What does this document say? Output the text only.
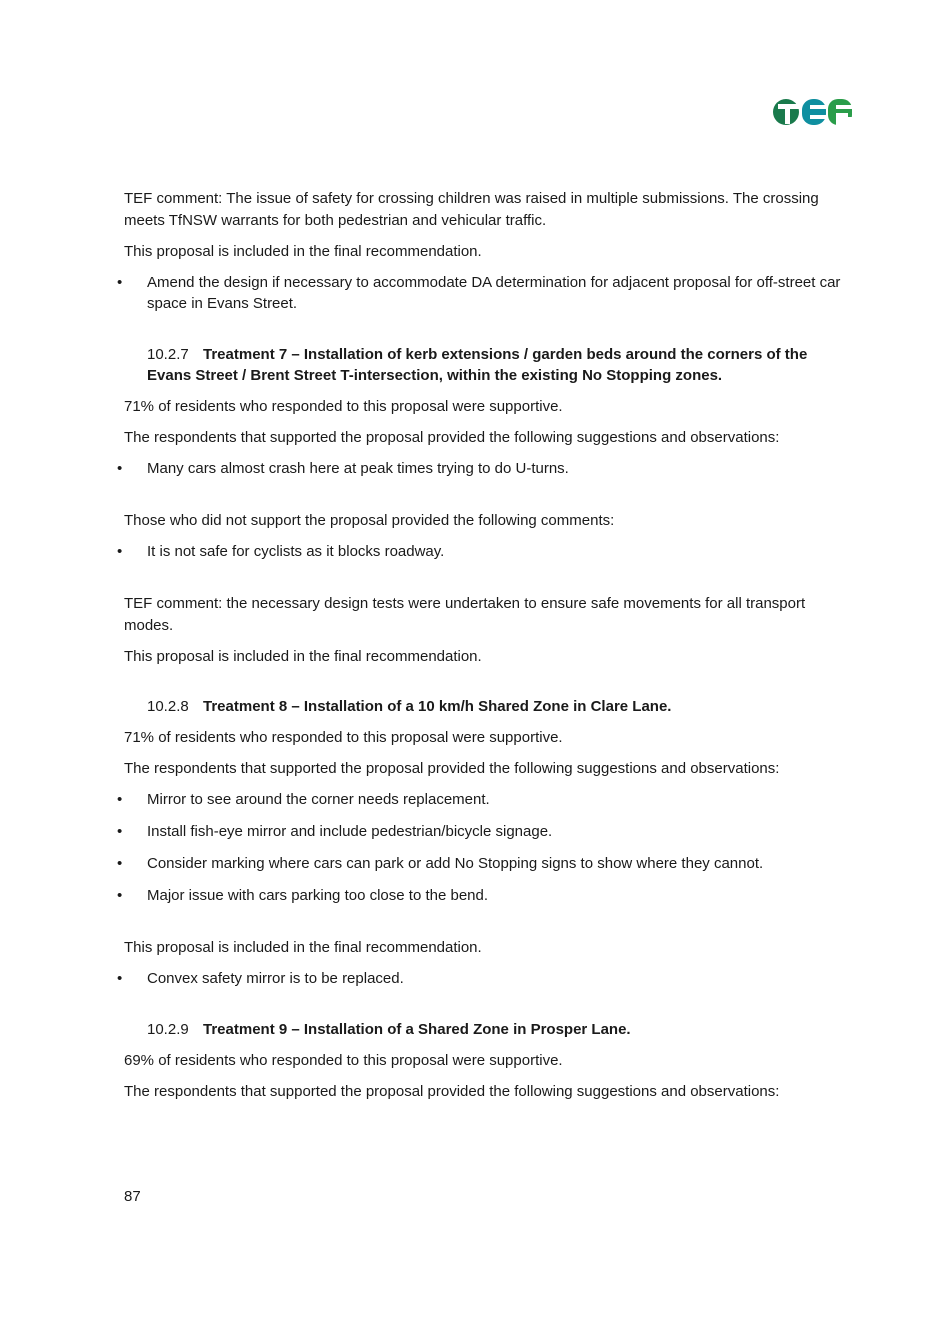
TEF comment: The issue of safety for crossing children was raised in multiple submissions. The crossing meets TfNSW warrants for both pedestrian and vehicular traffic.

This proposal is included in the final recommendation.

• Amend the design if necessary to accommodate DA determination for adjacent proposal for off-street car space in Evans Street.
10.2.7 Treatment 7 – Installation of kerb extensions / garden beds around the corners of the Evans Street / Brent Street T-intersection, within the existing No Stopping zones.

71% of residents who responded to this proposal were supportive.

The respondents that supported the proposal provided the following suggestions and observations:

• Many cars almost crash here at peak times trying to do U-turns.

Those who did not support the proposal provided the following comments:

• It is not safe for cyclists as it blocks roadway.

TEF comment: the necessary design tests were undertaken to ensure safe movements for all transport modes.

This proposal is included in the final recommendation.

10.2.8 Treatment 8 – Installation of a 10 km/h Shared Zone in Clare Lane.

71% of residents who responded to this proposal were supportive.

The respondents that supported the proposal provided the following suggestions and observations:

• Mirror to see around the corner needs replacement.
• Install fish-eye mirror and include pedestrian/bicycle signage.
• Consider marking where cars can park or add No Stopping signs to show where they cannot.
• Major issue with cars parking too close to the bend.

This proposal is included in the final recommendation.

• Convex safety mirror is to be replaced.
10.2.9 Treatment 9 – Installation of a Shared Zone in Prosper Lane.

69% of residents who responded to this proposal were supportive.

The respondents that supported the proposal provided the following suggestions and observations:

87
